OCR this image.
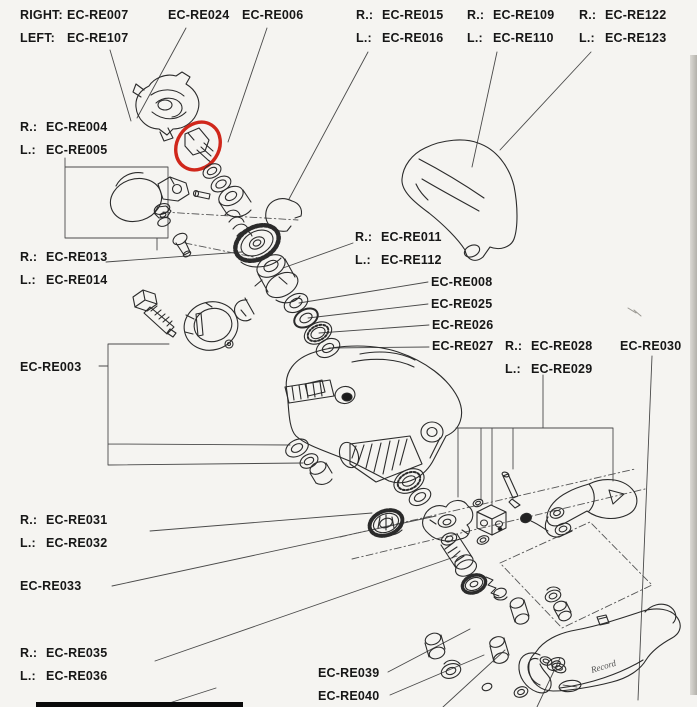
Record
RIGHT: EC-RE007
LEFT: EC-RE107
EC-RE024 EC-RE006	R.: EC-RE015
L.: EC-RE016
R.: EC-RE109
L.: EC-RE110
R.: EC-RE122
L.: EC-RE123
R.: EC-RE004
L.: EC-RE005
R.: EC-RE013
L.: EC-RE014
R.: EC-RE011
L.: EC-RE112
EC-RE008
EC-RE025
EC-RE026
EC-RE027 R.: EC-RE028
L.: EC-RE029
EC-RE030
EC-RE003
R.: EC-RE031
L.: EC-RE032
EC-RE033
R.: EC-RE035
L.: EC-RE036	EC-RE039
EC-RE040
